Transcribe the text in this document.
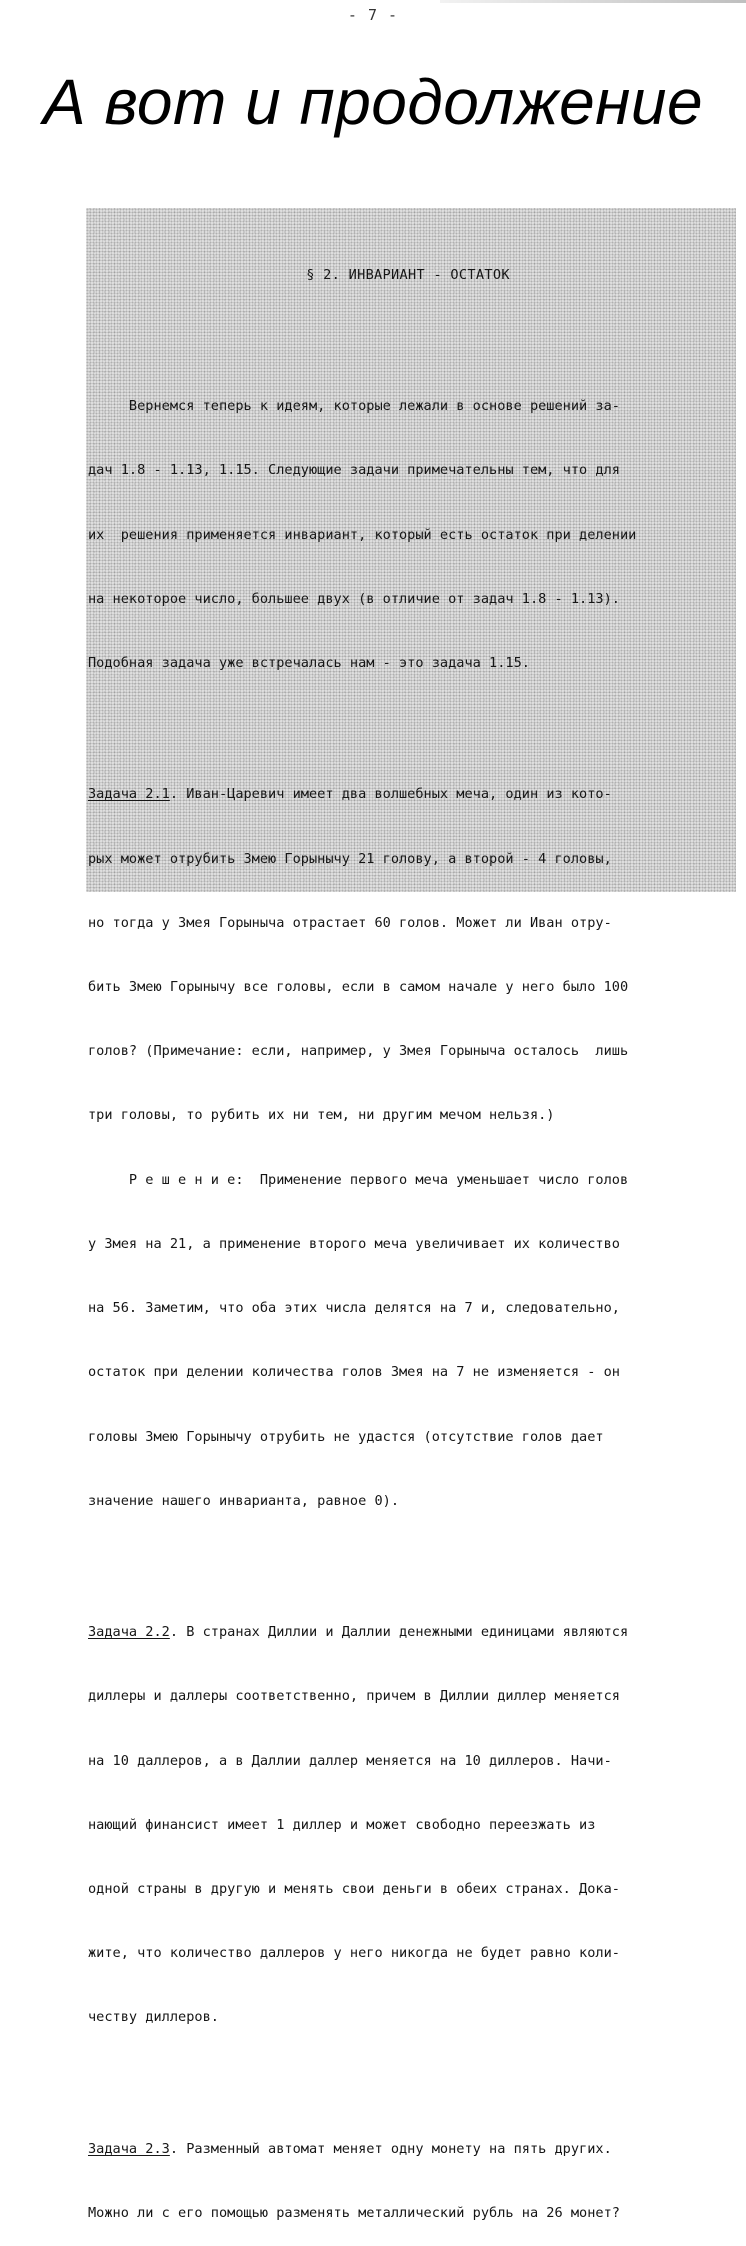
- 7 -
А вот и продолжение

§ 2. ИНВАРИАНТ - ОСТАТОК

Вернемся теперь к идеям, которые лежали в основе решений за-

дач 1.8 - 1.13, 1.15. Следующие задачи примечательны тем, что для

их  решения применяется инвариант, который есть остаток при делении

на некоторое число, большее двух (в отличие от задач 1.8 - 1.13).

Подобная задача уже встречалась нам - это задача 1.15.

Задача 2.1. Иван-Царевич имеет два волшебных меча, один из кото-

рых может отрубить Змею Горынычу 21 голову, а второй - 4 головы,

но тогда у Змея Горыныча отрастает 60 голов. Может ли Иван отру-

бить Змею Горынычу все головы, если в самом начале у него было 100

голов? (Примечание: если, например, у Змея Горыныча осталось  лишь

три головы, то рубить их ни тем, ни другим мечом нельзя.)

Р е ш е н и е:  Применение первого меча уменьшает число голов

у Змея на 21, а применение второго меча увеличивает их количество

на 56. Заметим, что оба этих числа делятся на 7 и, следовательно,

остаток при делении количества голов Змея на 7 не изменяется - он

головы Змею Горынычу отрубить не удастся (отсутствие голов дает

значение нашего инварианта, равное 0).

Задача 2.2. В странах Диллии и Даллии денежными единицами являются

диллеры и даллеры соответственно, причем в Диллии диллер меняется

на 10 даллеров, а в Даллии даллер меняется на 10 диллеров. Начи-

нающий финансист имеет 1 диллер и может свободно переезжать из

одной страны в другую и менять свои деньги в обеих странах. Дока-

жите, что количество даллеров у него никогда не будет равно коли-

честву диллеров.

Задача 2.3. Разменный автомат меняет одну монету на пять других.

Можно ли с его помощью разменять металлический рубль на 26 монет?
